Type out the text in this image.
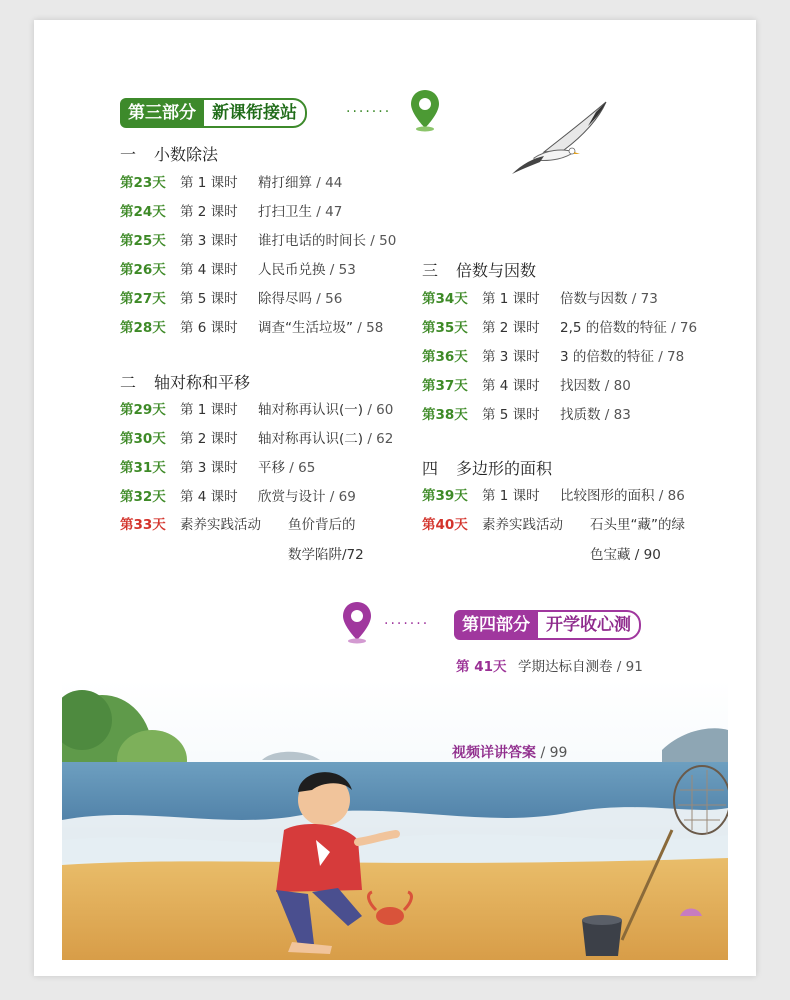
第三部分 新课衔接站	·······
一 小数除法
第23天 第 1 课时 精打细算 / 44
第24天 第 2 课时 打扫卫生 / 47
第25天 第 3 课时 谁打电话的时间长 / 50
第26天 第 4 课时 人民币兑换 / 53
第27天 第 5 课时 除得尽吗 / 56
第28天 第 6 课时 调查“生活垃圾” / 58
二 轴对称和平移
第29天 第 1 课时 轴对称再认识(一) / 60
第30天 第 2 课时 轴对称再认识(二) / 62
第31天 第 3 课时 平移 / 65
第32天 第 4 课时 欣赏与设计 / 69
第33天 素养实践活动 鱼价背后的
数学陷阱/72
三 倍数与因数
第34天 第 1 课时 倍数与因数 / 73
第35天 第 2 课时 2,5 的倍数的特征 / 76
第36天 第 3 课时 3 的倍数的特征 / 78
第37天 第 4 课时 找因数 / 80
第38天 第 5 课时 找质数 / 83
四 多边形的面积
第39天 第 1 课时 比较图形的面积 / 86
第40天 素养实践活动 石头里“藏”的绿
色宝藏 / 90
·······	第四部分 开学收心测
第 41天 学期达标自测卷 / 91
视频详讲答案 / 99
